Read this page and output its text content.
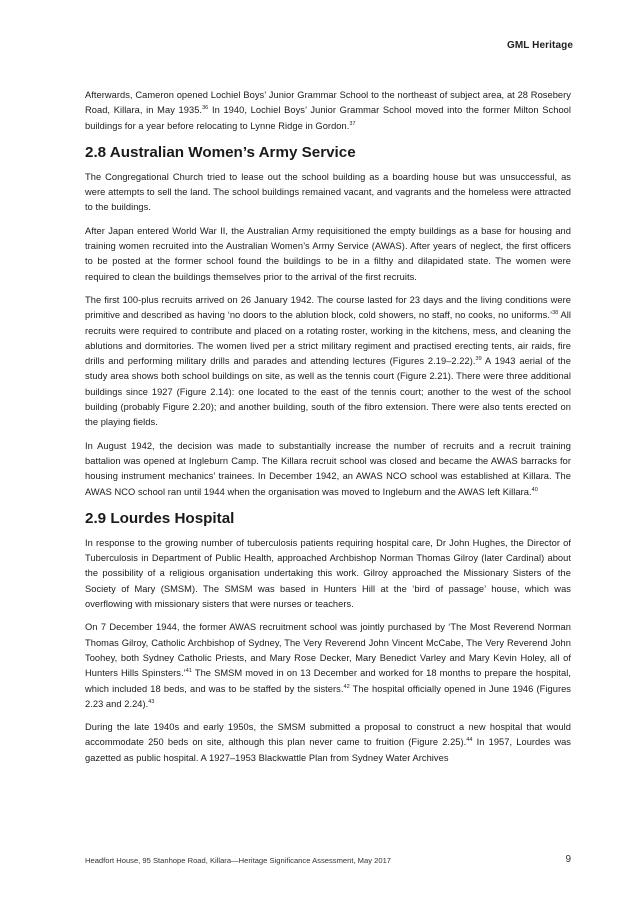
GML Heritage

Afterwards, Cameron opened Lochiel Boys’ Junior Grammar School to the northeast of subject area, at 28 Rosebery Road, Killara, in May 1935.36 In 1940, Lochiel Boys’ Junior Grammar School moved into the former Milton School buildings for a year before relocating to Lynne Ridge in Gordon.$^{37}$

2.8 Australian Women’s Army Service

The Congregational Church tried to lease out the school building as a boarding house but was unsuccessful, as were attempts to sell the land. The school buildings remained vacant, and vagrants and the homeless were attracted to the buildings.

After Japan entered World War II, the Australian Army requisitioned the empty buildings as a base for housing and training women recruited into the Australian Women’s Army Service (AWAS). After years of neglect, the first officers to be posted at the former school found the buildings to be in a filthy and dilapidated state. The women were required to clean the buildings themselves prior to the arrival of the first recruits.

The first 100-plus recruits arrived on 26 January 1942. The course lasted for 23 days and the living conditions were primitive and described as having ‘no doors to the ablution block, cold showers, no staff, no cooks, no uniforms.’$^{38}$ All recruits were required to contribute and placed on a rotating roster, working in the kitchens, mess, and cleaning the ablutions and dormitories. The women lived per a strict military regiment and practised erecting tents, air raids, fire drills and performing military drills and parades and attending lectures (Figures 2.19–2.22).$^{39}$ A 1943 aerial of the study area shows both school buildings on site, as well as the tennis court (Figure 2.21). There were three additional buildings since 1927 (Figure 2.14): one located to the east of the tennis court; another to the west of the school building (probably Figure 2.20); and another building, south of the fibro extension. There were also tents erected on the playing fields.

In August 1942, the decision was made to substantially increase the number of recruits and a recruit training battalion was opened at Ingleburn Camp. The Killara recruit school was closed and became the AWAS barracks for housing instrument mechanics’ trainees. In December 1942, an AWAS NCO school was established at Killara. The AWAS NCO school ran until 1944 when the organisation was moved to Ingleburn and the AWAS left Killara.$^{40}$

2.9 Lourdes Hospital

In response to the growing number of tuberculosis patients requiring hospital care, Dr John Hughes, the Director of Tuberculosis in Department of Public Health, approached Archbishop Norman Thomas Gilroy (later Cardinal) about the possibility of a religious organisation undertaking this work. Gilroy approached the Missionary Sisters of the Society of Mary (SMSM). The SMSM was based in Hunters Hill at the ‘bird of passage’ house, which was overflowing with missionary sisters that were nurses or teachers.

On 7 December 1944, the former AWAS recruitment school was jointly purchased by ‘The Most Reverend Norman Thomas Gilroy, Catholic Archbishop of Sydney, The Very Reverend John Vincent McCabe, The Very Reverend John Toohey, both Sydney Catholic Priests, and Mary Rose Decker, Mary Benedict Varley and Mary Kevin Holey, all of Hunters Hills Spinsters.’$^{41}$ The SMSM moved in on 13 December and worked for 18 months to prepare the hospital, which included 18 beds, and was to be staffed by the sisters.$^{42}$ The hospital officially opened in June 1946 (Figures 2.23 and 2.24).$^{43}$

During the late 1940s and early 1950s, the SMSM submitted a proposal to construct a new hospital that would accommodate 250 beds on site, although this plan never came to fruition (Figure 2.25).$^{44}$ In 1957, Lourdes was gazetted as public hospital. A 1927–1953 Blackwattle Plan from Sydney Water Archives

Headfort House, 95 Stanhope Road, Killara—Heritage Significance Assessment, May 2017	9
